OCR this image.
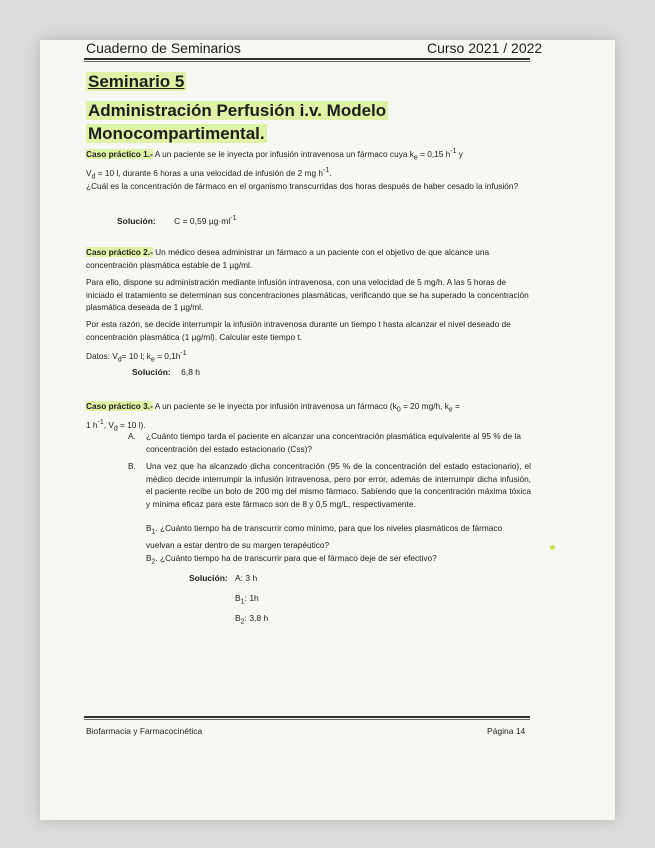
Cuaderno de Seminarios	Curso 2021 / 2022
Seminario 5
Administración Perfusión i.v. Modelo
Monocompartimental.
Caso práctico 1.- A un paciente se le inyecta por infusión intravenosa un fármaco cuya $k_e = 0,15$ $h^{-1}$ y
$V_d = 10$ l, durante 6 horas a una velocidad de infusión de 2 mg $h^{-1}$.
¿Cuál es la concentración de fármaco en el organismo transcurridas dos horas después de haber cesado la infusión?
Solución: C = 0,59 $\mu g\cdot ml^{-1}$
Caso práctico 2.- Un médico desea administrar un fármaco a un paciente con el objetivo de que alcance una concentración plasmática estable de 1 µg/ml.
Para ello, dispone su administración mediante infusión intravenosa, con una velocidad de 5 mg/h. A las 5 horas de iniciado el tratamiento se determinan sus concentraciones plasmáticas, verificando que se ha superado la concentración plasmática deseada de 1 µg/ml.
Por esta razón, se decide interrumpir la infusión intravenosa durante un tiempo t hasta alcanzar el nivel deseado de concentración plasmática (1 µg/ml). Calcular este tiempo t.
Datos: $V_d= 10$ l; $k_e = 0,1h^{-1}$
Solución: 6,8 h
Caso práctico 3.- A un paciente se le inyecta por infusión intravenosa un fármaco ($k_0 = 20$ mg/h, $k_e$ =
1 $h^{-1}$, $V_d = 10$ l).
A. ¿Cuánto tiempo tarda el paciente en alcanzar una concentración plasmática equivalente al 95 % de la concentración del estado estacionario (Css)?
B. Una vez que ha alcanzado dicha concentración (95 % de la concentración del estado estacionario), el médico decide interrumpir la infusión intravenosa, pero por error, además de interrumpir dicha infusión, el paciente recibe un bolo de 200 mg del mismo fármaco. Sabiendo que la concentración máxima tóxica y mínima eficaz para este fármaco son de 8 y 0,5 mg/L, respectivamente.
$B_1$. ¿Cuánto tiempo ha de transcurrir como mínimo, para que los niveles plasmáticos de fármaco vuelvan a estar dentro de su margen terapéutico?
$B_2$. ¿Cuánto tiempo ha de transcurrir para que el fármaco deje de ser efectivo?
Solución: A: 3 h
$B_1$: 1h
$B_2$: 3,8 h
Biofarmacia y Farmacocinética	Página 14
